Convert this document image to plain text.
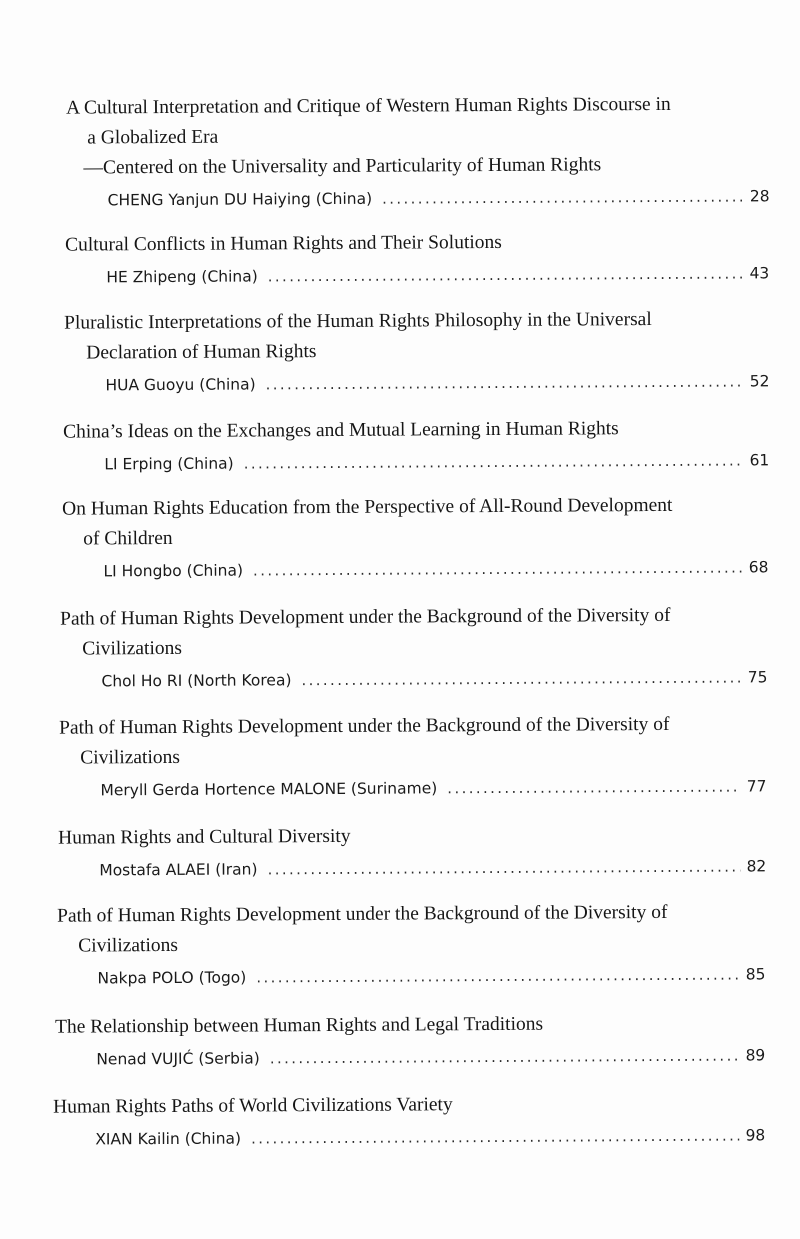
A Cultural Interpretation and Critique of Western Human Rights Discourse in
a Globalized Era
—Centered on the Universality and Particularity of Human Rights
CHENG Yanjun DU Haiying (China) . . .	28
Cultural Conflicts in Human Rights and Their Solutions
HE Zhipeng (China) . . .	43
Pluralistic Interpretations of the Human Rights Philosophy in the Universal
Declaration of Human Rights
HUA Guoyu (China) . . .	52
China’s Ideas on the Exchanges and Mutual Learning in Human Rights
LI Erping (China) . . .	61
On Human Rights Education from the Perspective of All-Round Development
of Children
LI Hongbo (China) . . .	68
Path of Human Rights Development under the Background of the Diversity of
Civilizations
Chol Ho RI (North Korea) . . .	75
Path of Human Rights Development under the Background of the Diversity of
Civilizations
Meryll Gerda Hortence MALONE (Suriname) . . .	77
Human Rights and Cultural Diversity
Mostafa ALAEI (Iran) . . .	82
Path of Human Rights Development under the Background of the Diversity of
Civilizations
Nakpa POLO (Togo) . . .	85
The Relationship between Human Rights and Legal Traditions
Nenad VUJIĆ (Serbia) . . .	89
Human Rights Paths of World Civilizations Variety
XIAN Kailin (China) . . .	98
